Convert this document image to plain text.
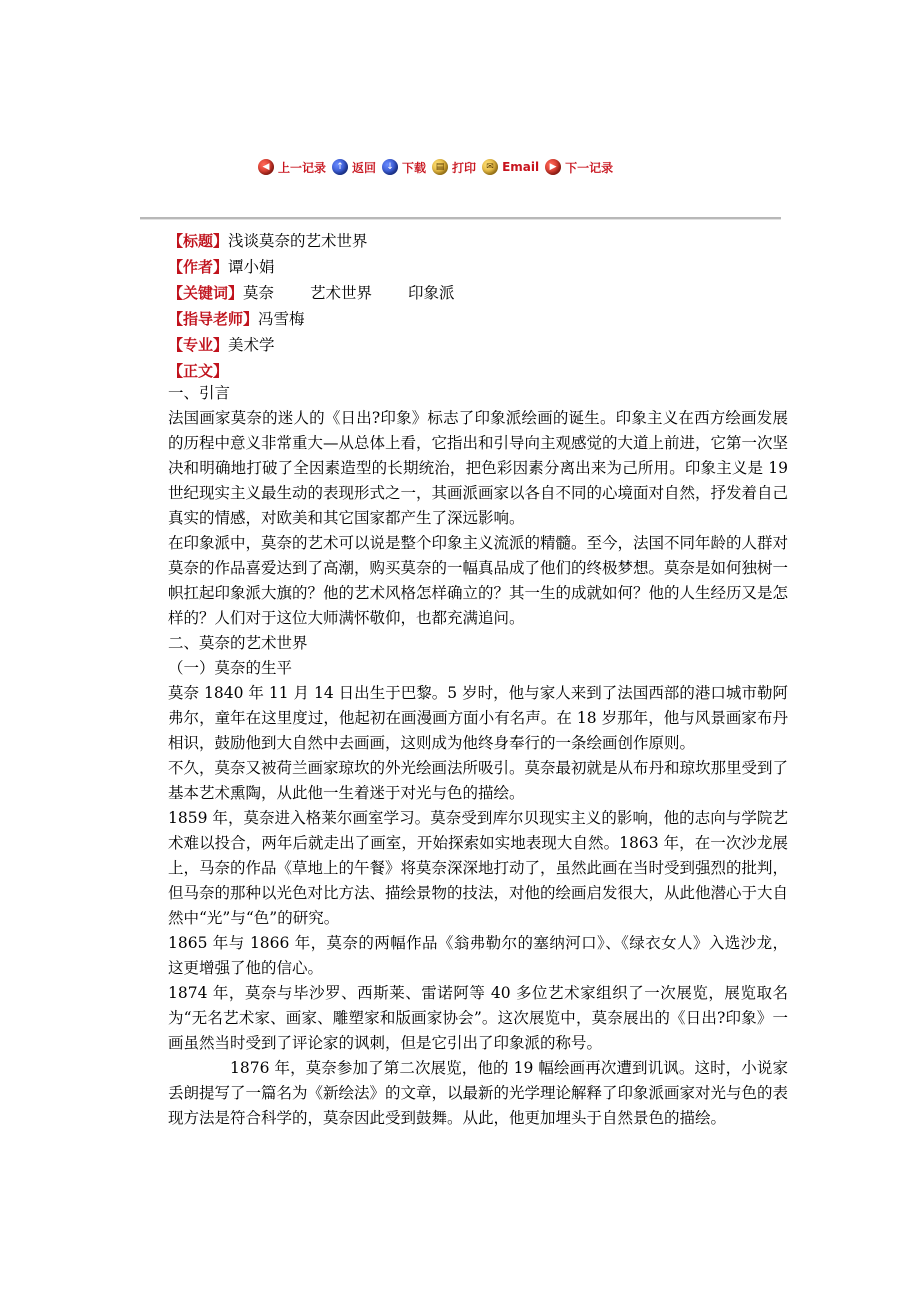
◀ 上一记录	↑ 返回	↓ 下载	▤ 打印	✉ Email	▶ 下一记录
【标题】浅谈莫奈的艺术世界
【作者】谭小娟
【关键词】莫奈 艺术世界 印象派
【指导老师】冯雪梅
【专业】美术学
【正文】

一、引言

法国画家莫奈的迷人的《日出?印象》标志了印象派绘画的诞生。印象主义在西方绘画发展的历程中意义非常重大—从总体上看，它指出和引导向主观感觉的大道上前进，它第一次坚决和明确地打破了全因素造型的长期统治，把色彩因素分离出来为己所用。印象主义是 19 世纪现实主义最生动的表现形式之一，其画派画家以各自不同的心境面对自然，抒发着自己真实的情感，对欧美和其它国家都产生了深远影响。

在印象派中，莫奈的艺术可以说是整个印象主义流派的精髓。至今，法国不同年龄的人群对莫奈的作品喜爱达到了高潮，购买莫奈的一幅真品成了他们的终极梦想。莫奈是如何独树一帜扛起印象派大旗的？他的艺术风格怎样确立的？其一生的成就如何？他的人生经历又是怎样的？人们对于这位大师满怀敬仰，也都充满追问。

二、莫奈的艺术世界

（一）莫奈的生平

莫奈 1840 年 11 月 14 日出生于巴黎。5 岁时，他与家人来到了法国西部的港口城市勒阿弗尔，童年在这里度过，他起初在画漫画方面小有名声。在 18 岁那年，他与风景画家布丹相识，鼓励他到大自然中去画画，这则成为他终身奉行的一条绘画创作原则。

不久，莫奈又被荷兰画家琼坎的外光绘画法所吸引。莫奈最初就是从布丹和琼坎那里受到了基本艺术熏陶，从此他一生着迷于对光与色的描绘。

1859 年，莫奈进入格莱尔画室学习。莫奈受到库尔贝现实主义的影响，他的志向与学院艺术难以投合，两年后就走出了画室，开始探索如实地表现大自然。1863 年，在一次沙龙展上，马奈的作品《草地上的午餐》将莫奈深深地打动了，虽然此画在当时受到强烈的批判，但马奈的那种以光色对比方法、描绘景物的技法，对他的绘画启发很大，从此他潜心于大自然中“光”与“色”的研究。

1865 年与 1866 年，莫奈的两幅作品《翁弗勒尔的塞纳河口》、《绿衣女人》入选沙龙，这更增强了他的信心。

1874 年，莫奈与毕沙罗、西斯莱、雷诺阿等 40 多位艺术家组织了一次展览，展览取名为“无名艺术家、画家、雕塑家和版画家协会”。这次展览中，莫奈展出的《日出?印象》一画虽然当时受到了评论家的讽刺，但是它引出了印象派的称号。

1876 年，莫奈参加了第二次展览，他的 19 幅绘画再次遭到讥讽。这时，小说家丢朗提写了一篇名为《新绘法》的文章，以最新的光学理论解释了印象派画家对光与色的表现方法是符合科学的，莫奈因此受到鼓舞。从此，他更加埋头于自然景色的描绘。
